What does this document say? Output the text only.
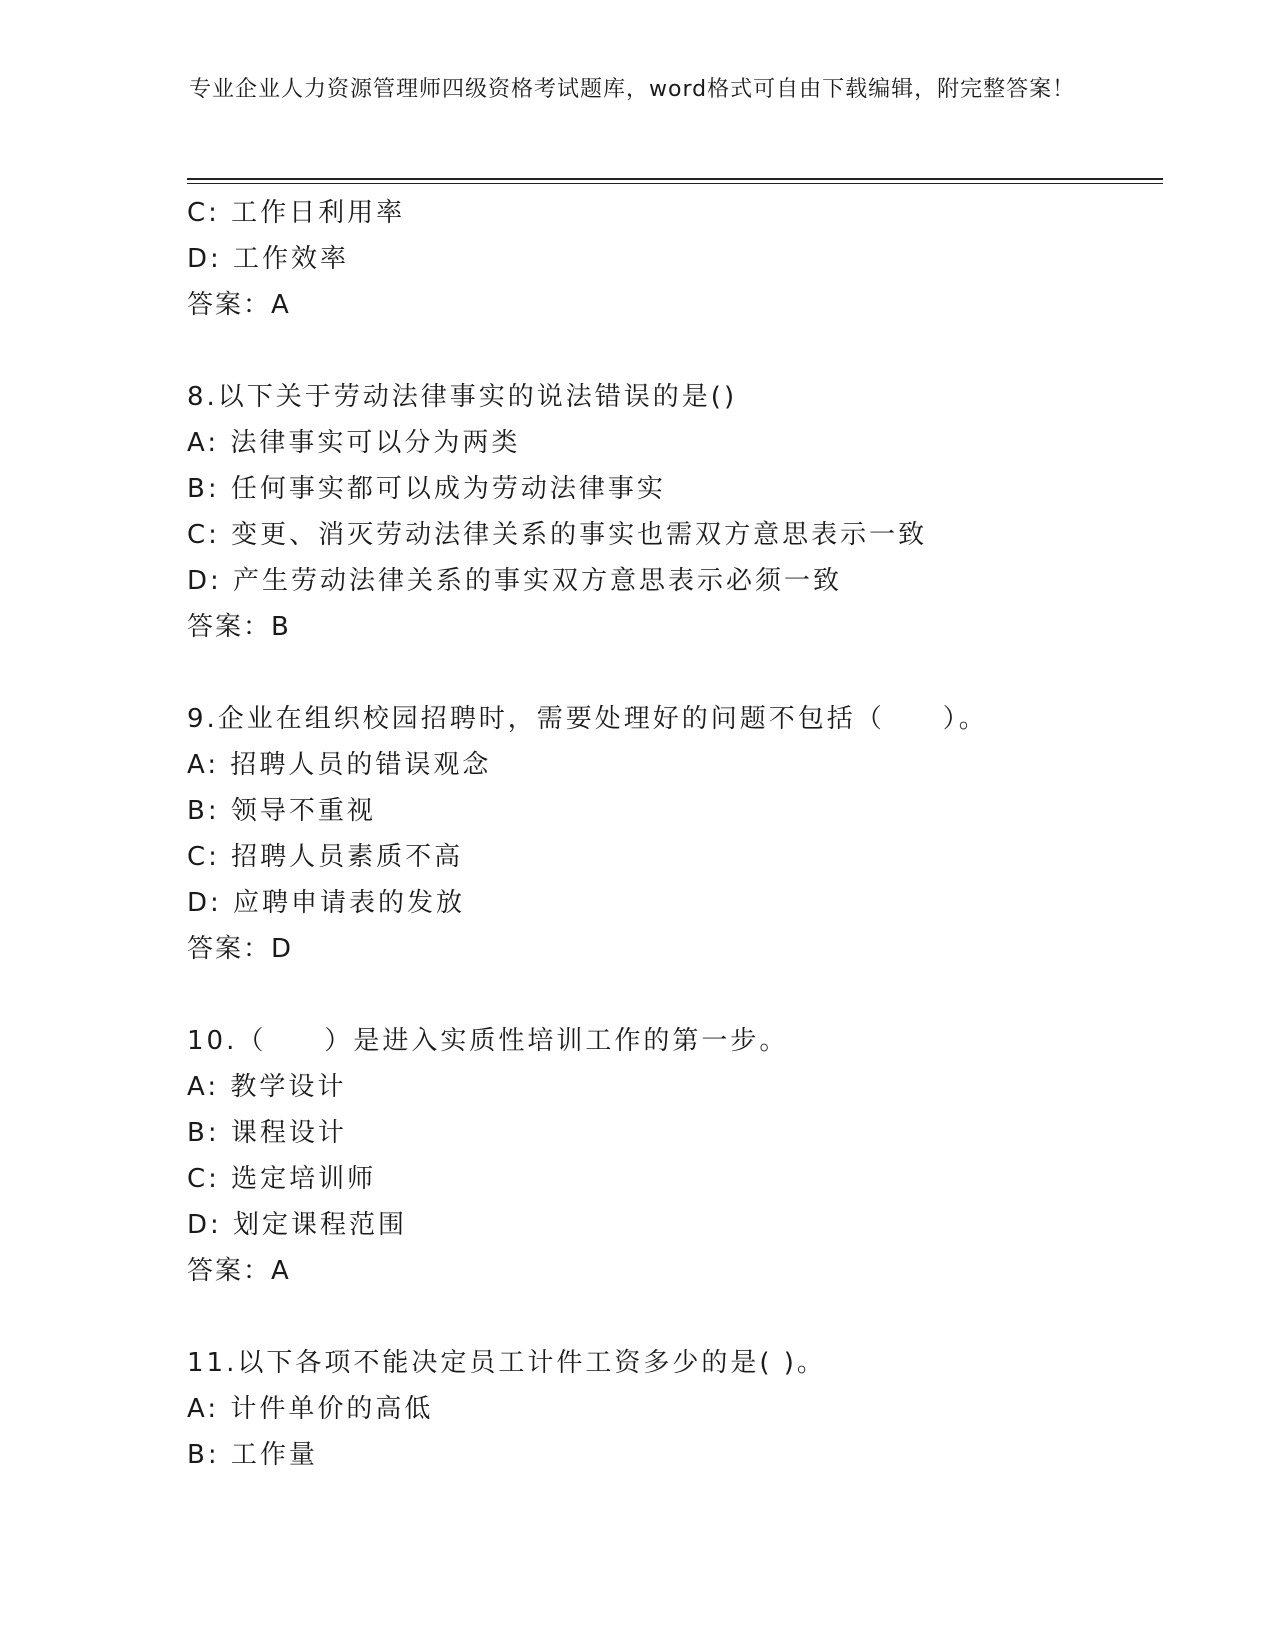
专业企业人力资源管理师四级资格考试题库，word格式可自由下载编辑，附完整答案！
C: 工作日利用率
D: 工作效率
答案：A
8.以下关于劳动法律事实的说法错误的是()
A: 法律事实可以分为两类
B: 任何事实都可以成为劳动法律事实
C: 变更、消灭劳动法律关系的事实也需双方意思表示一致
D: 产生劳动法律关系的事实双方意思表示必须一致
答案：B
9.企业在组织校园招聘时，需要处理好的问题不包括（　　）。
A: 招聘人员的错误观念
B: 领导不重视
C: 招聘人员素质不高
D: 应聘申请表的发放
答案：D
10.（　　）是进入实质性培训工作的第一步。
A: 教学设计
B: 课程设计
C: 选定培训师
D: 划定课程范围
答案：A
11.以下各项不能决定员工计件工资多少的是( )。
A: 计件单价的高低
B: 工作量
